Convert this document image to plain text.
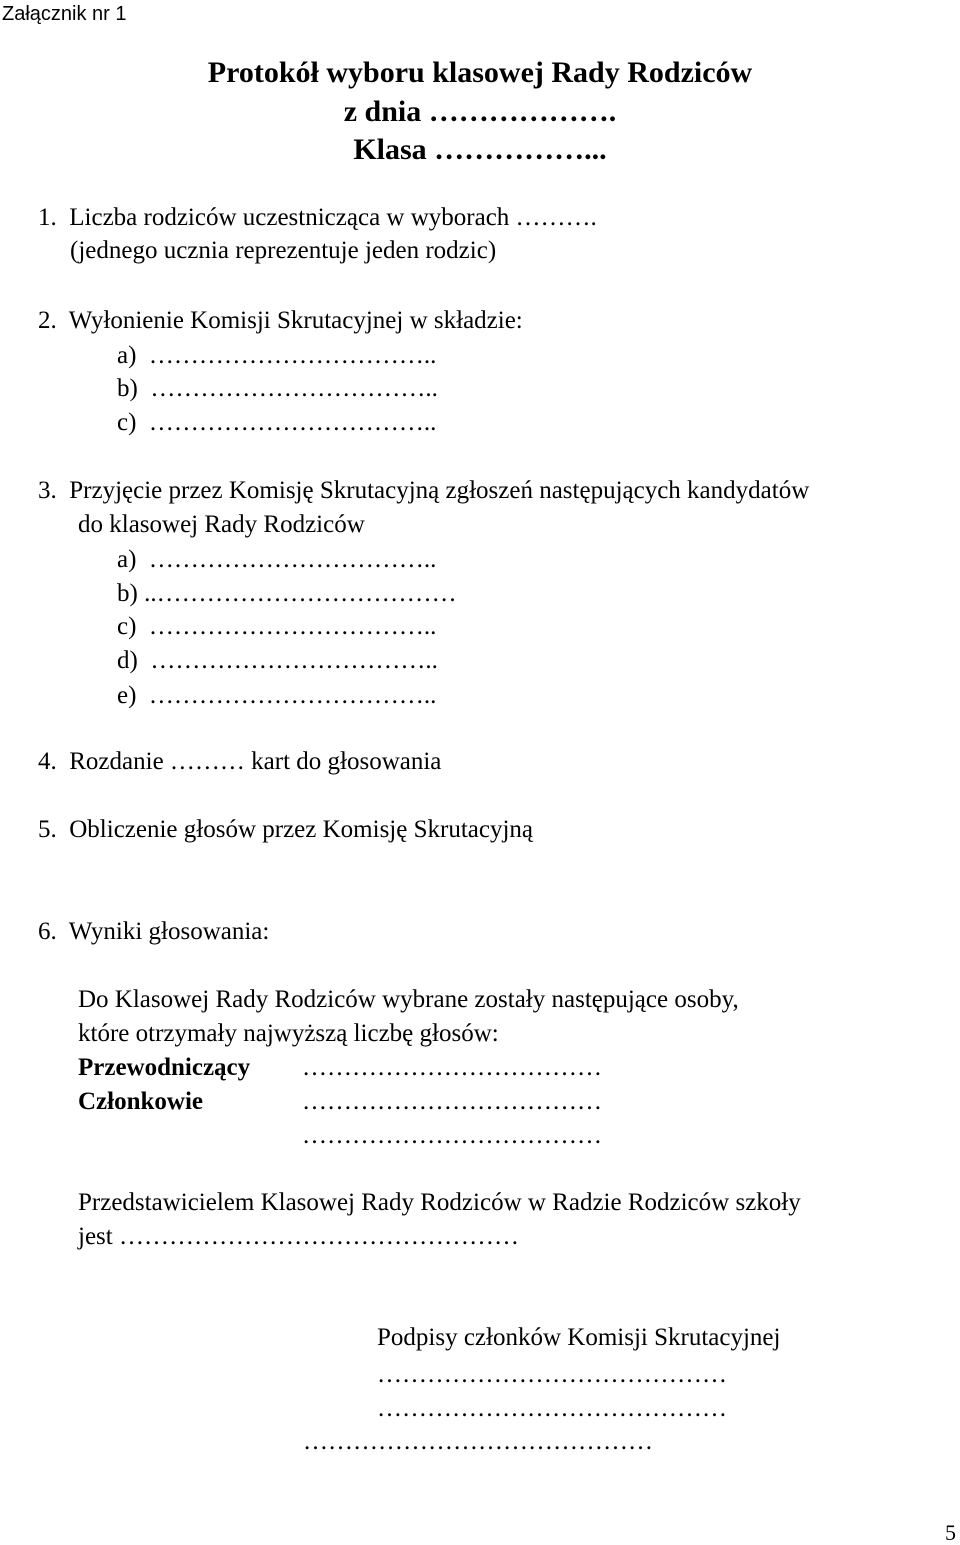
Załącznik nr 1
Protokół wyboru klasowej Rady Rodziców
z dnia ……………….
Klasa ……………...
1.  Liczba rodziców uczestnicząca w wyborach ……….
(jednego ucznia reprezentuje jeden rodzic)
2.  Wyłonienie Komisji Skrutacyjnej w składzie:
a)  ……………………………..
b)  ……………………………..
c)  ……………………………..
3.  Przyjęcie przez Komisję Skrutacyjną zgłoszeń następujących kandydatów
do klasowej Rady Rodziców
a)  ……………………………..
b) ..………………………………
c)  ……………………………..
d)  ……………………………..
e)  ……………………………..
4.  Rozdanie ……… kart do głosowania
5.  Obliczenie głosów przez Komisję Skrutacyjną
6.  Wyniki głosowania:
Do Klasowej Rady Rodziców wybrane zostały następujące osoby,
które otrzymały najwyższą liczbę głosów:
Przewodniczący ………………………………
Członkowie	………………………………
………………………………
Przedstawicielem Klasowej Rady Rodziców w Radzie Rodziców szkoły
jest …………………………………………
Podpisy członków Komisji Skrutacyjnej
……………………………………
……………………………………
……………………………………
5
